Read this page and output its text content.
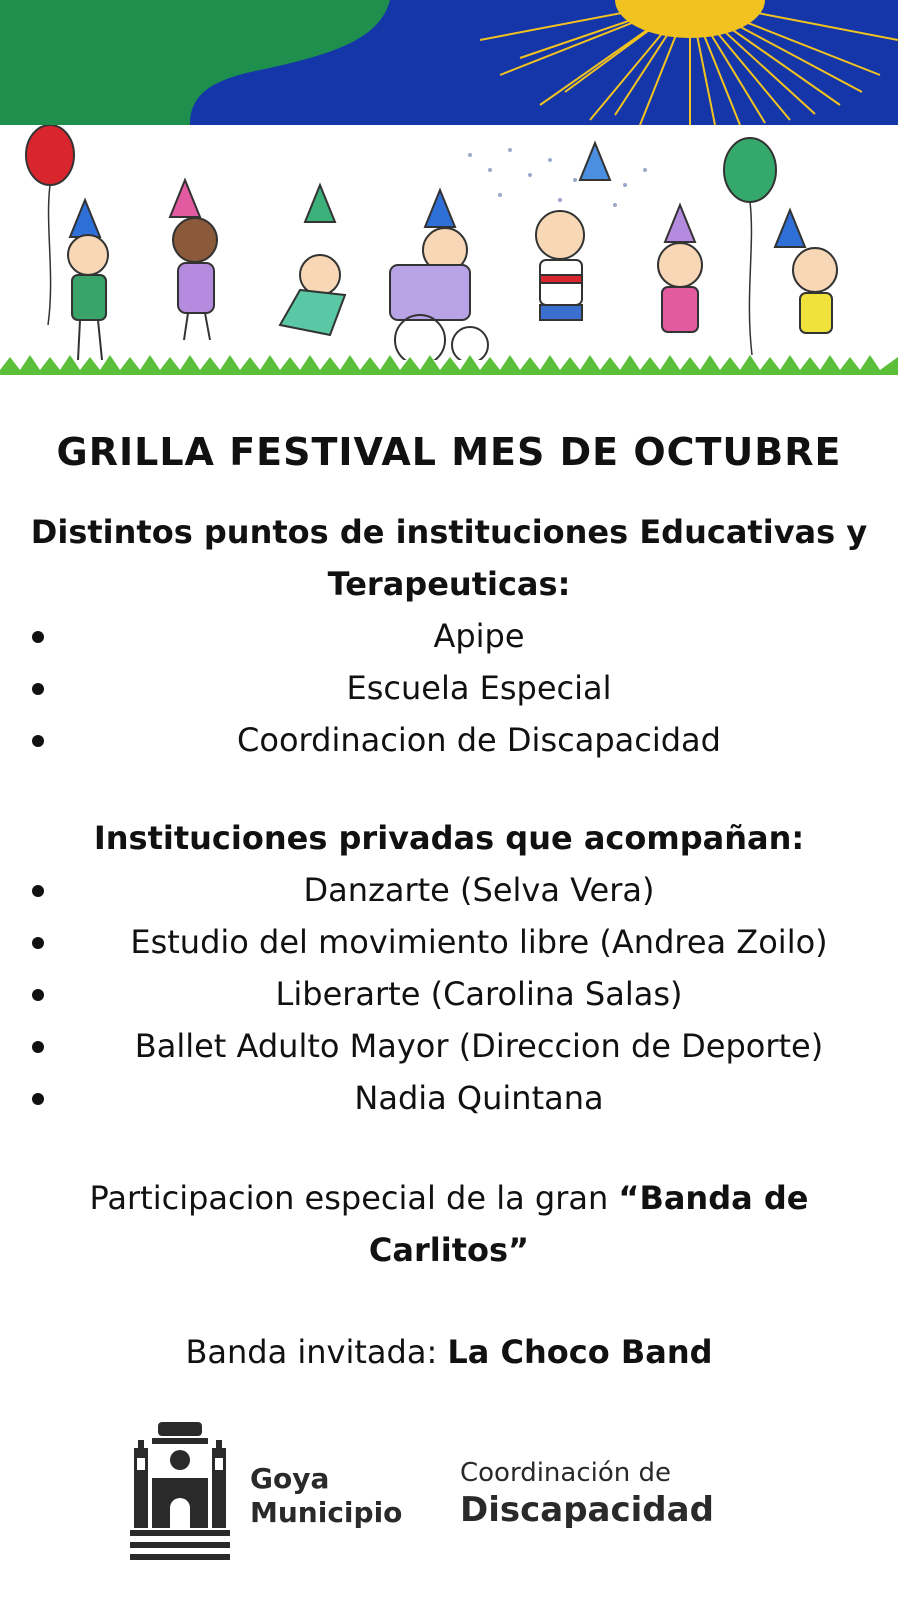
GRILLA FESTIVAL MES DE OCTUBRE
Distintos puntos de instituciones Educativas y
Terapeuticas:
Apipe
Escuela Especial
Coordinacion de Discapacidad
Instituciones privadas que acompañan:
Danzarte (Selva Vera)
Estudio del movimiento libre (Andrea Zoilo)
Liberarte (Carolina Salas)
Ballet Adulto Mayor (Direccion de Deporte)
Nadia Quintana
Participacion especial de la gran “Banda de Carlitos”
Banda invitada: La Choco Band
Goya
Municipio
Coordinación de
Discapacidad
